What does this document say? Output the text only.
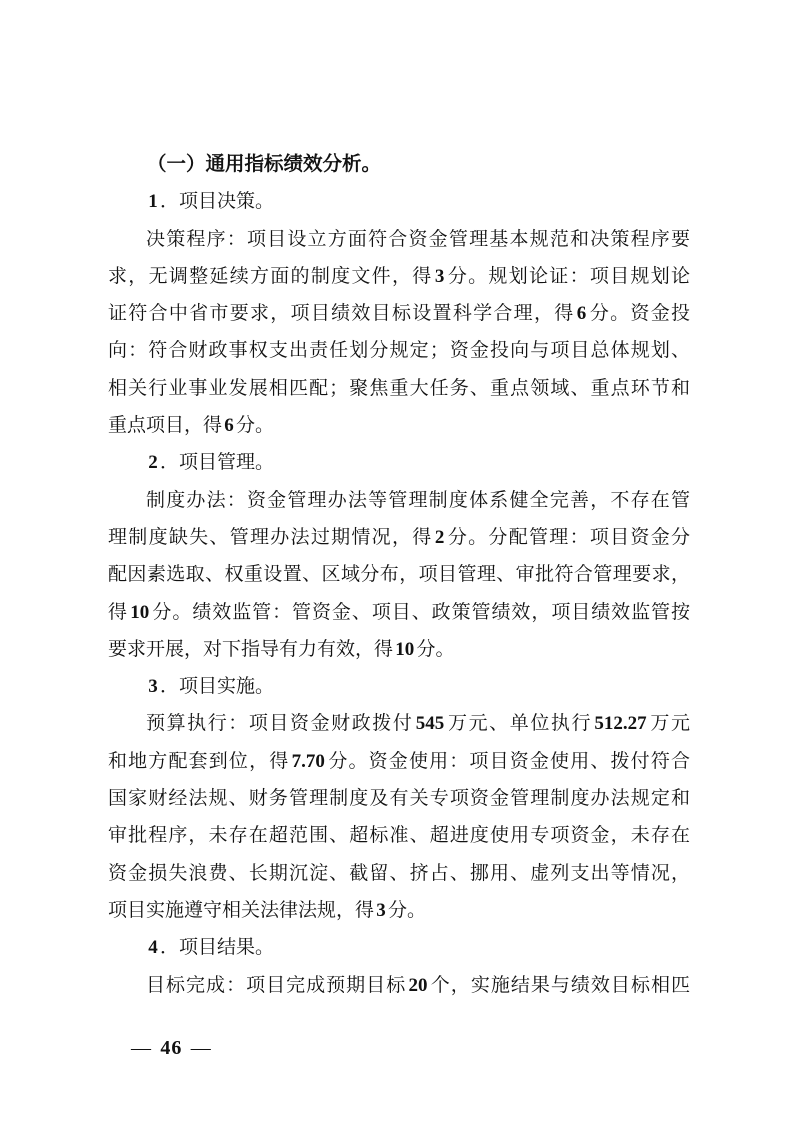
（一）通用指标绩效分析。
1 ．项目决策。
决策程序：项目设立方面符合资金管理基本规范和决策程序要
求，无调整延续方面的制度文件，得 3 分。规划论证：项目规划论
证符合中省市要求，项目绩效目标设置科学合理，得 6 分。资金投
向：符合财政事权支出责任划分规定；资金投向与项目总体规划、
相关行业事业发展相匹配；聚焦重大任务、重点领域、重点环节和
重点项目，得 6 分。
2 ．项目管理。
制度办法：资金管理办法等管理制度体系健全完善，不存在管
理制度缺失、管理办法过期情况，得 2 分。分配管理：项目资金分
配因素选取、权重设置、区域分布，项目管理、审批符合管理要求，
得 10 分。绩效监管：管资金、项目、政策管绩效，项目绩效监管按
要求开展，对下指导有力有效，得 10 分。
3 ．项目实施。
预算执行：项目资金财政拨付 545 万元、单位执行 512.27 万元
和地方配套到位，得 7.70 分。资金使用：项目资金使用、拨付符合
国家财经法规、财务管理制度及有关专项资金管理制度办法规定和
审批程序，未存在超范围、超标准、超进度使用专项资金，未存在
资金损失浪费、长期沉淀、截留、挤占、挪用、虚列支出等情况，
项目实施遵守相关法律法规，得 3 分。
4 ．项目结果。
目标完成：项目完成预期目标 20 个，实施结果与绩效目标相匹
— 46 —
